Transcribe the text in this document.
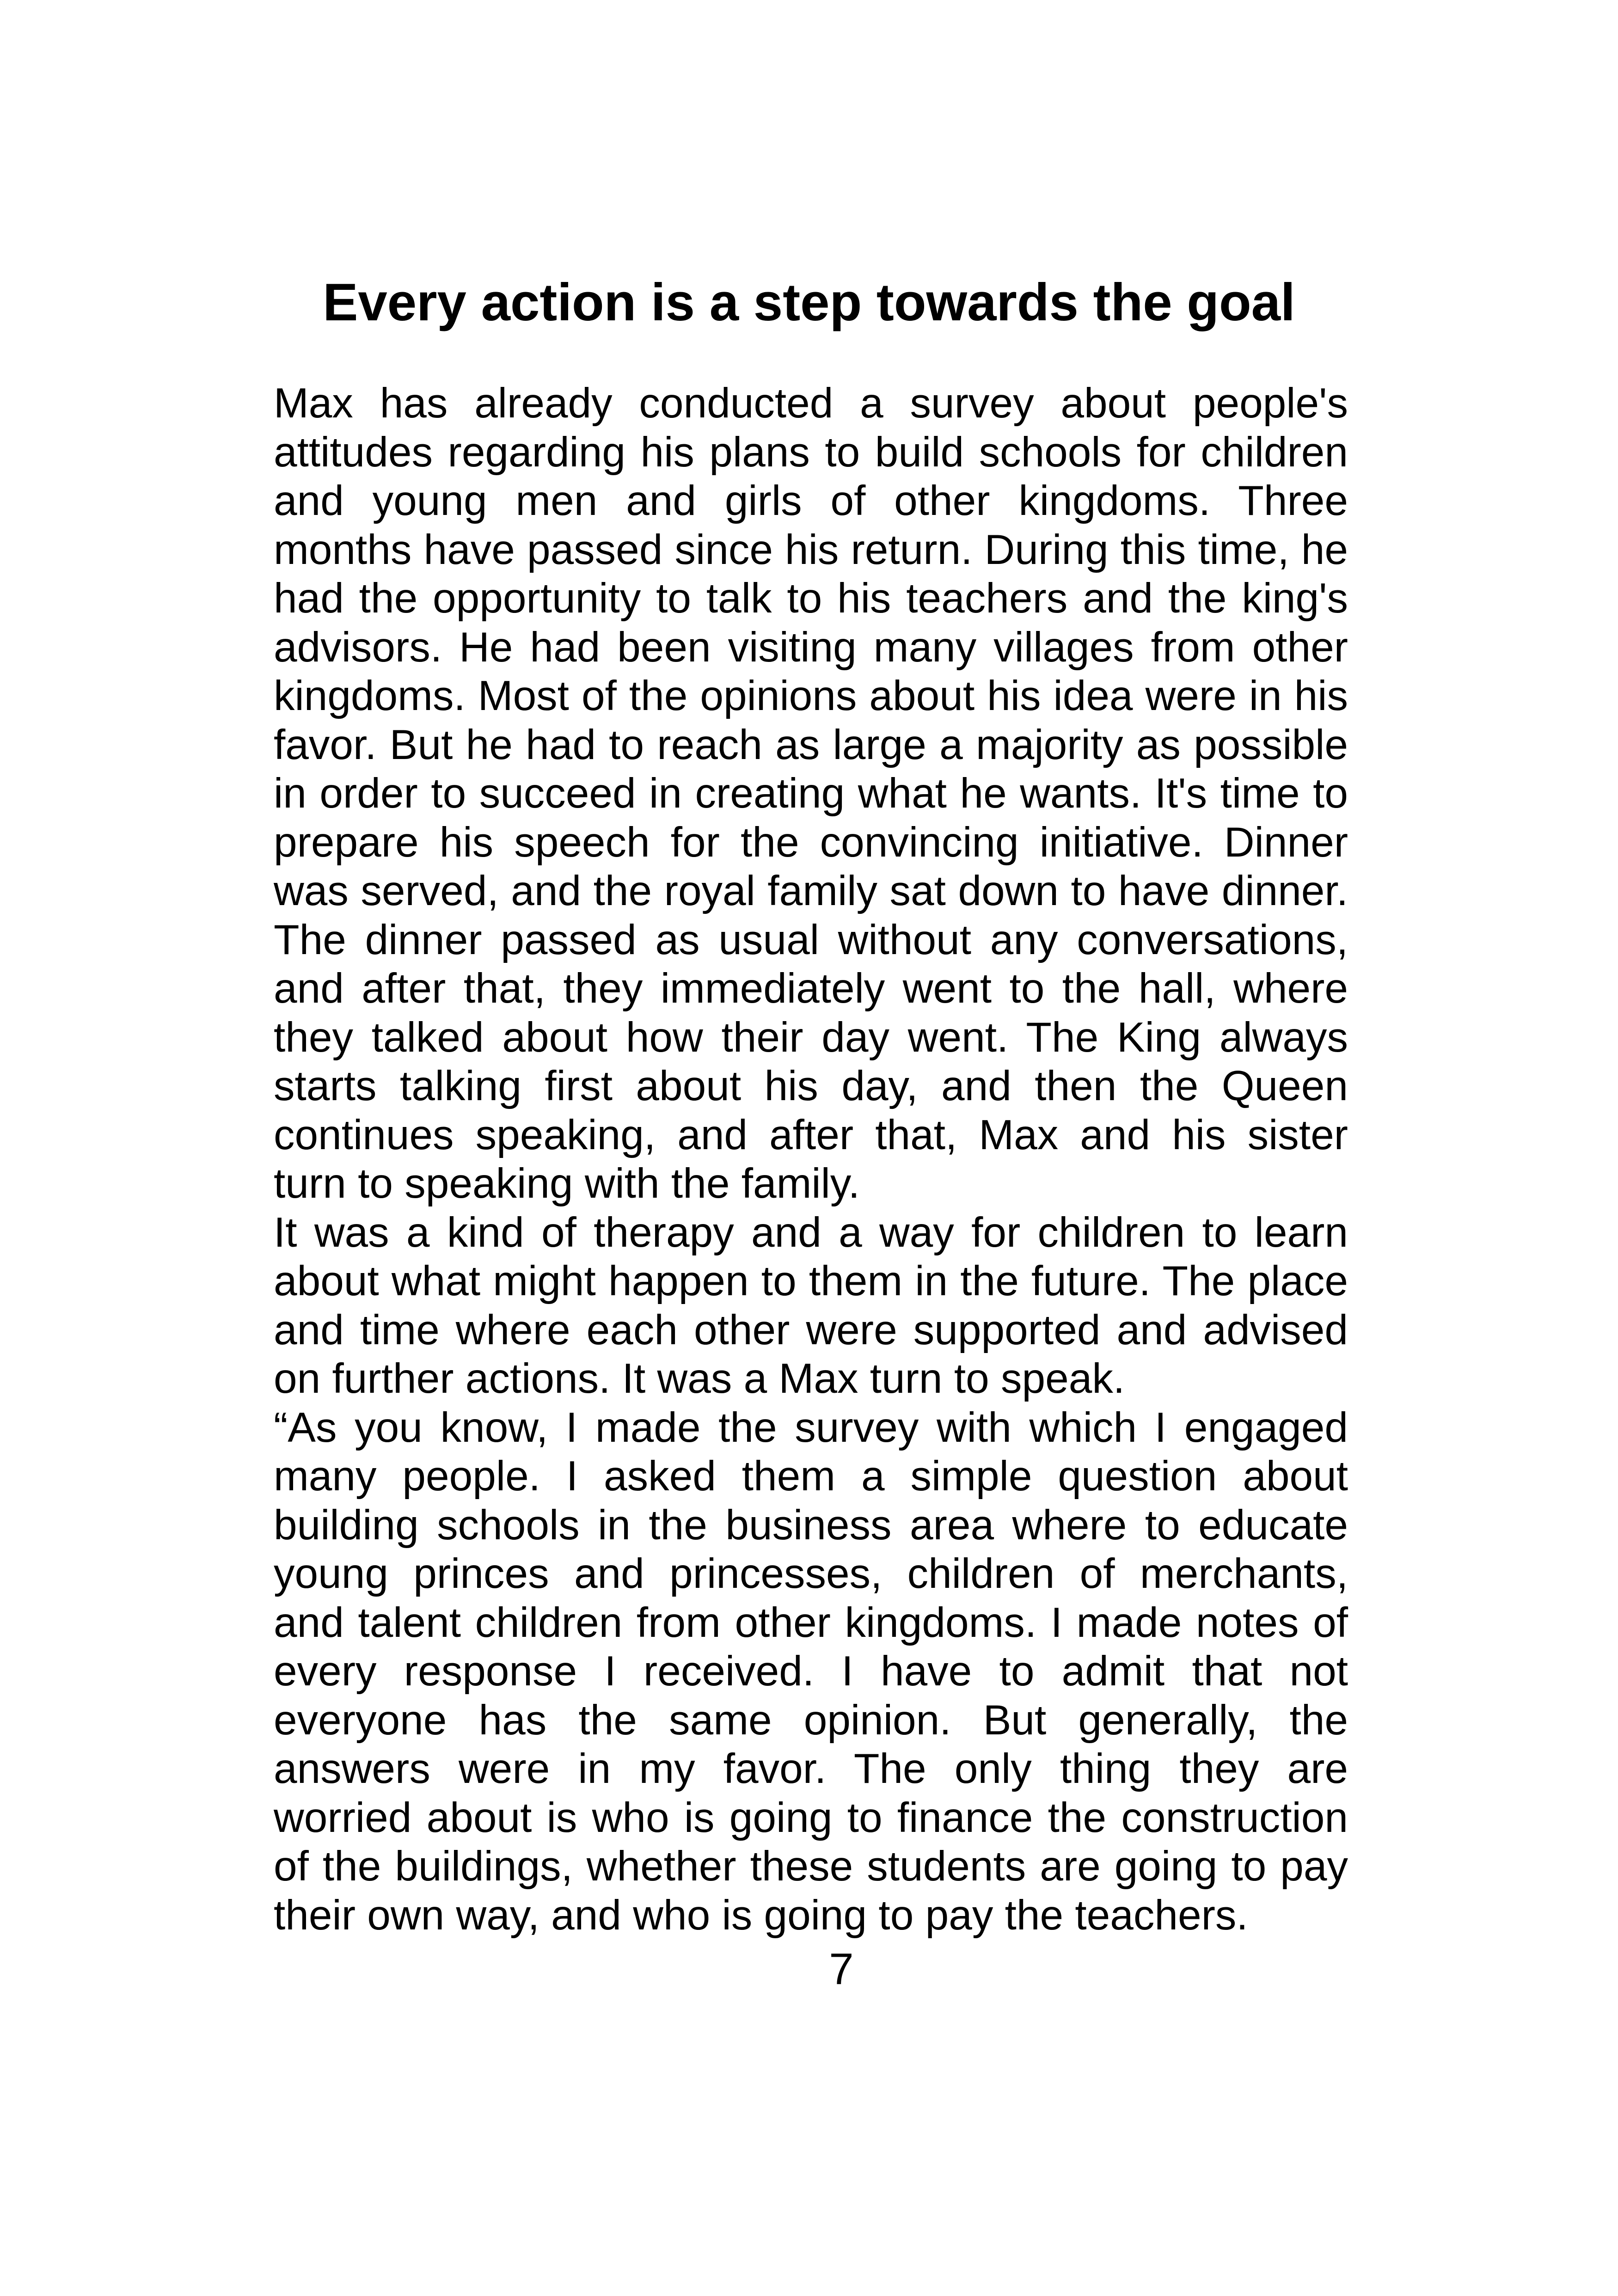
Every action is a step towards the goal

Max has already conducted a survey about people's attitudes regarding his plans to build schools for children and young men and girls of other kingdoms. Three months have passed since his return. During this time, he had the opportunity to talk to his teachers and the king's advisors. He had been visiting many villages from other kingdoms. Most of the opinions about his idea were in his favor. But he had to reach as large a majority as possible in order to succeed in creating what he wants. It's time to prepare his speech for the convincing initiative. Dinner was served, and the royal family sat down to have dinner. The dinner passed as usual without any conversations, and after that, they immediately went to the hall, where they talked about how their day went. The King always starts talking first about his day, and then the Queen continues speaking, and after that, Max and his sister turn to speaking with the family.

It was a kind of therapy and a way for children to learn about what might happen to them in the future. The place and time where each other were supported and advised on further actions. It was a Max turn to speak.

“As you know, I made the survey with which I engaged many people. I asked them a simple question about building schools in the business area where to educate young princes and princesses, children of merchants, and talent children from other kingdoms. I made notes of every response I received. I have to admit that not everyone has the same opinion. But generally, the answers were in my favor. The only thing they are worried about is who is going to finance the construction of the buildings, whether these students are going to pay their own way, and who is going to pay the teachers.

7
